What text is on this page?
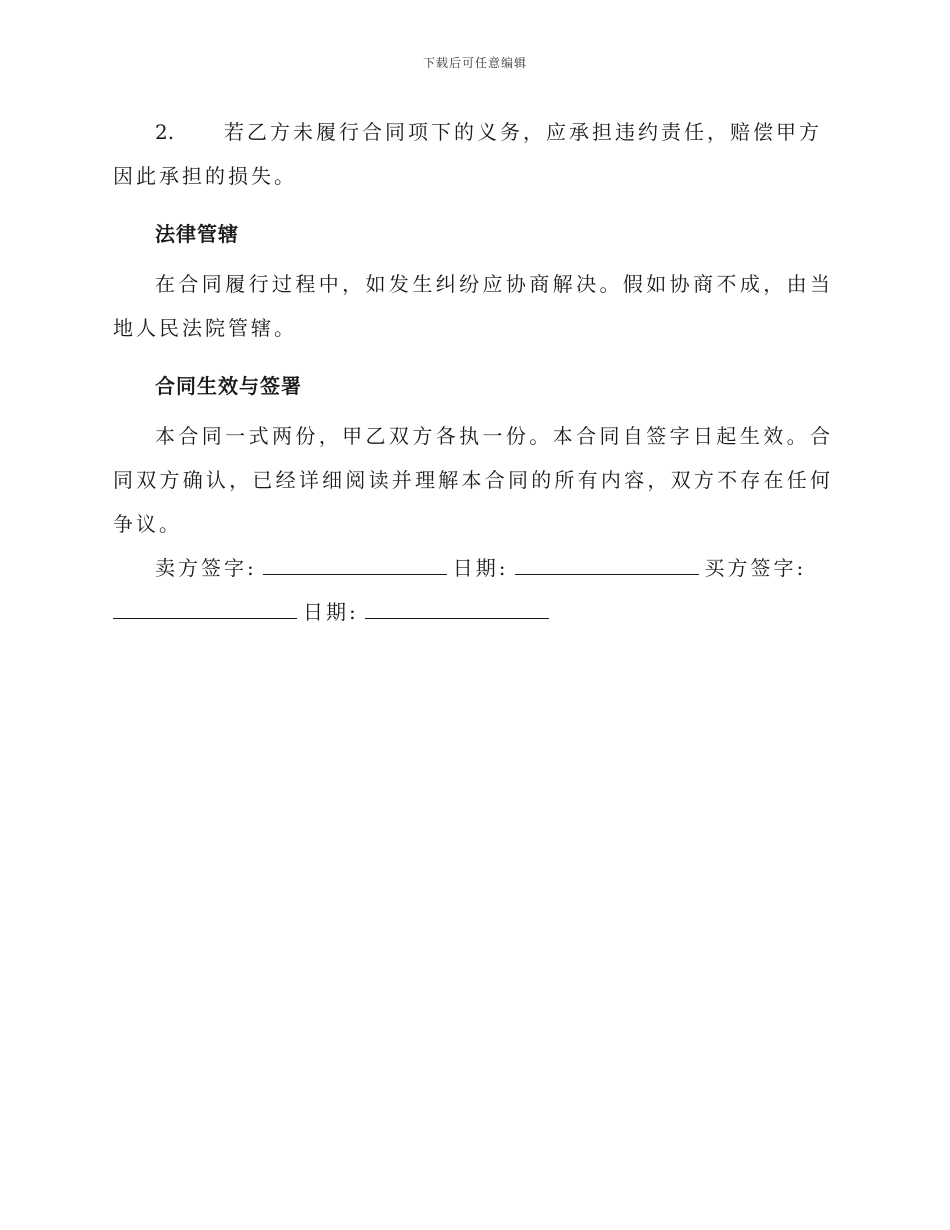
下载后可任意编辑

2. 若乙方未履行合同项下的义务，应承担违约责任，赔偿甲方因此承担的损失。

法律管辖

在合同履行过程中，如发生纠纷应协商解决。假如协商不成，由当地人民法院管辖。

合同生效与签署

本合同一式两份，甲乙双方各执一份。本合同自签字日起生效。合同双方确认，已经详细阅读并理解本合同的所有内容，双方不存在任何争议。

卖方签字:	日期:	买方签字:
日期:
